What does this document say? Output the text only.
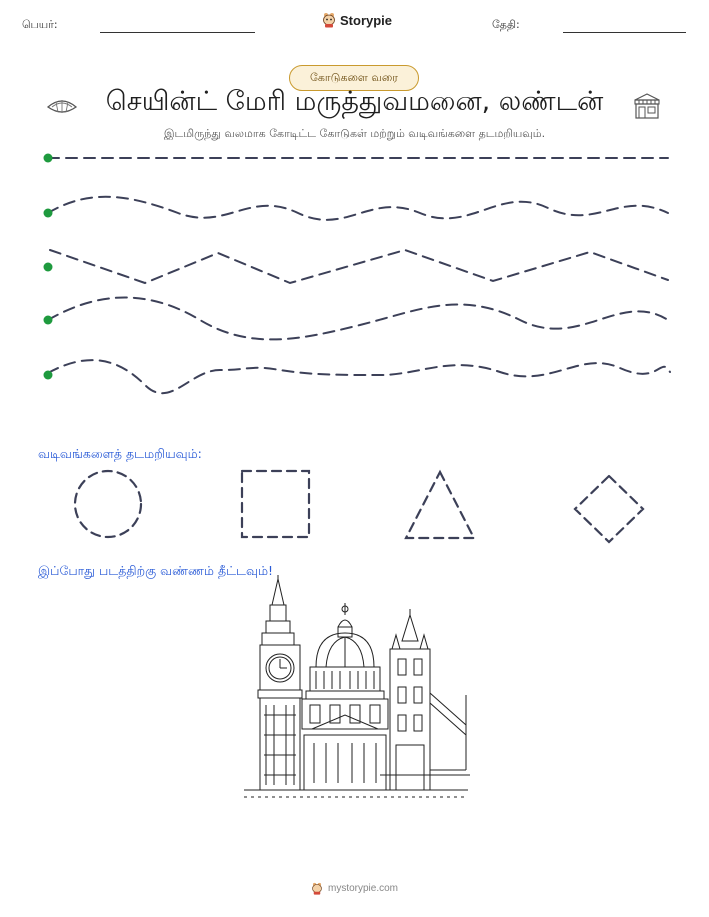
பெயர்:	Storypie	தேதி:
கோடுகளை வரை
செயின்ட் மேரி மருத்துவமனை, லண்டன்
இடமிருந்து வலமாக கோடிட்ட கோடுகள் மற்றும் வடிவங்களை தடமறியவும்.
வடிவங்களைத் தடமறியவும்:
இப்போது படத்திற்கு வண்ணம் தீட்டவும்!
mystorypie.com
